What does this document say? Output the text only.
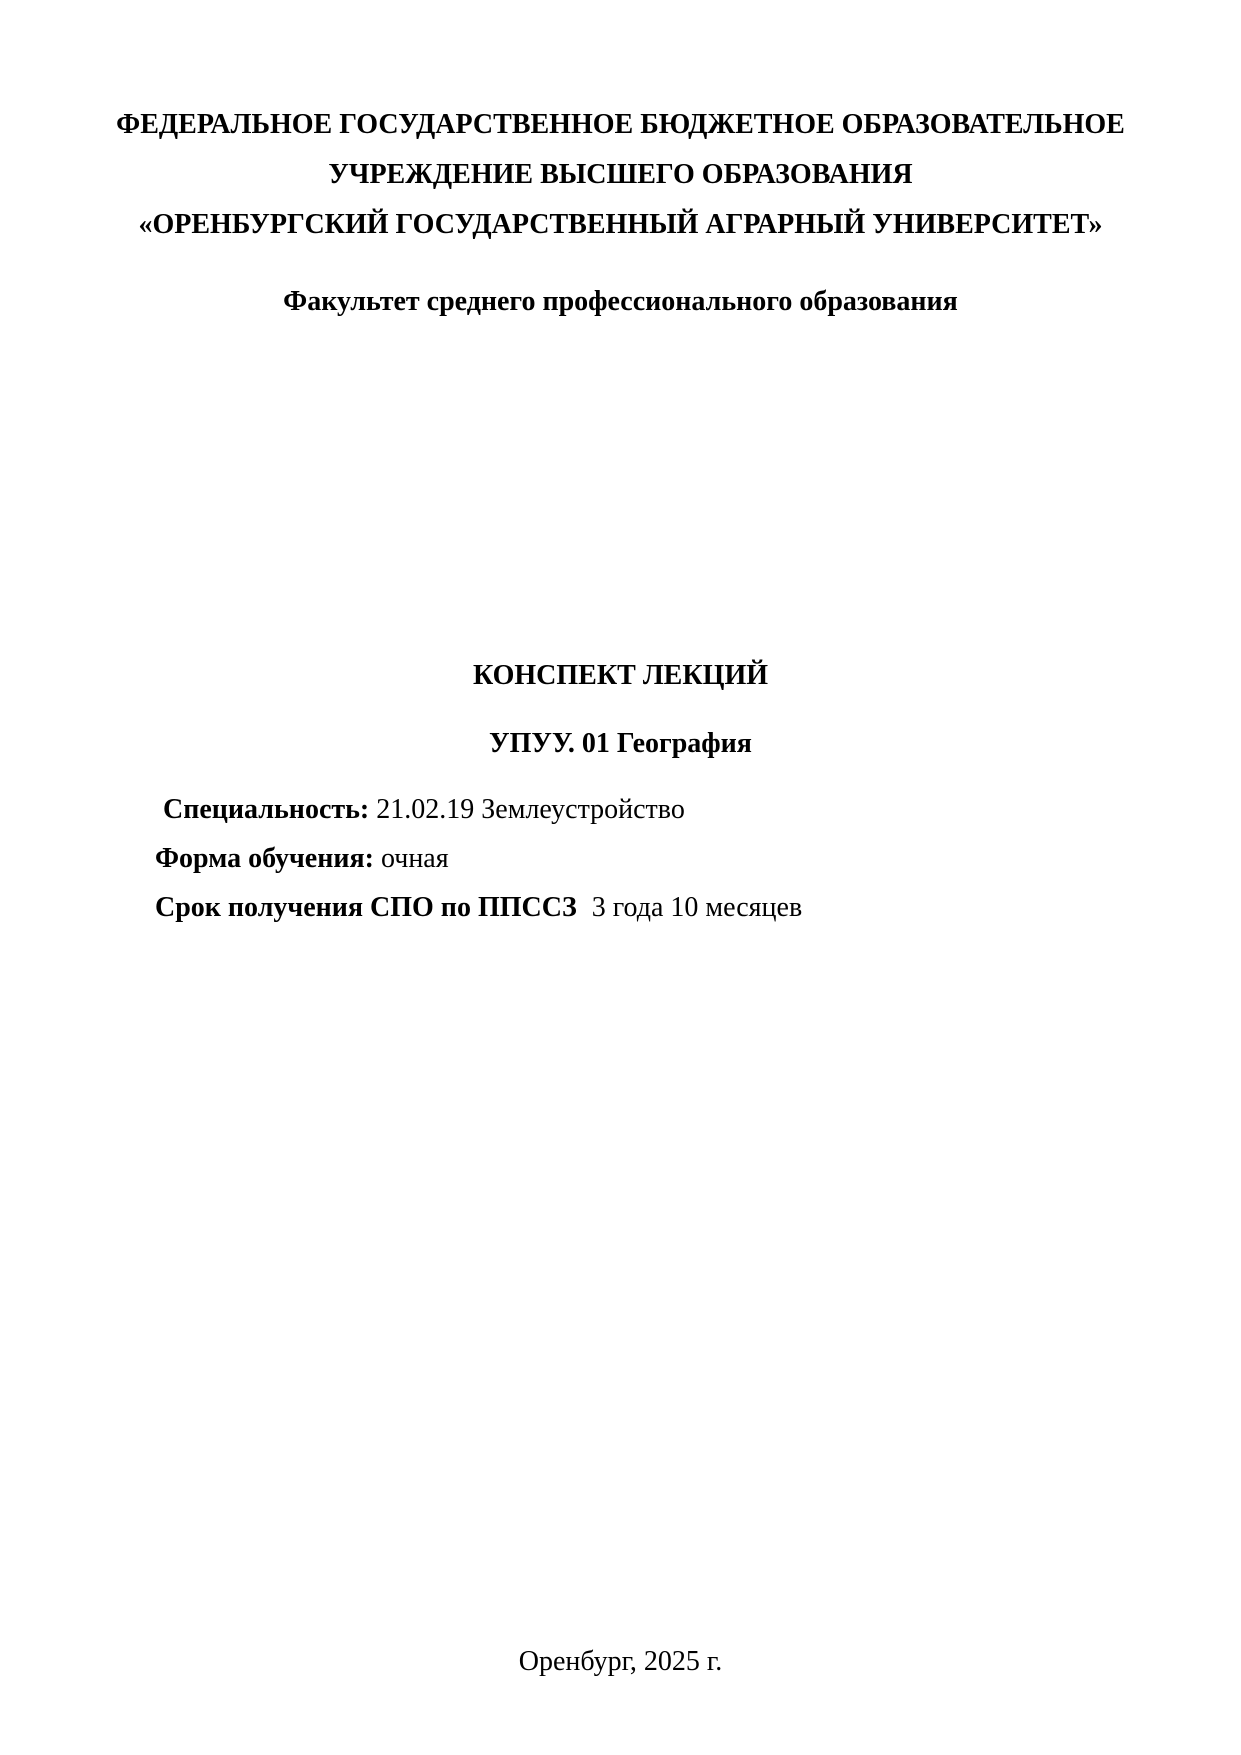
ФЕДЕРАЛЬНОЕ ГОСУДАРСТВЕННОЕ БЮДЖЕТНОЕ ОБРАЗОВАТЕЛЬНОЕ
УЧРЕЖДЕНИЕ ВЫСШЕГО ОБРАЗОВАНИЯ
«ОРЕНБУРГСКИЙ ГОСУДАРСТВЕННЫЙ АГРАРНЫЙ УНИВЕРСИТЕТ»
Факультет среднего профессионального образования
КОНСПЕКТ ЛЕКЦИЙ
УПУУ. 01 География
Специальность: 21.02.19 Землеустройство
Форма обучения: очная
Срок получения СПО по ППССЗ 3 года 10 месяцев
Оренбург, 2025 г.
